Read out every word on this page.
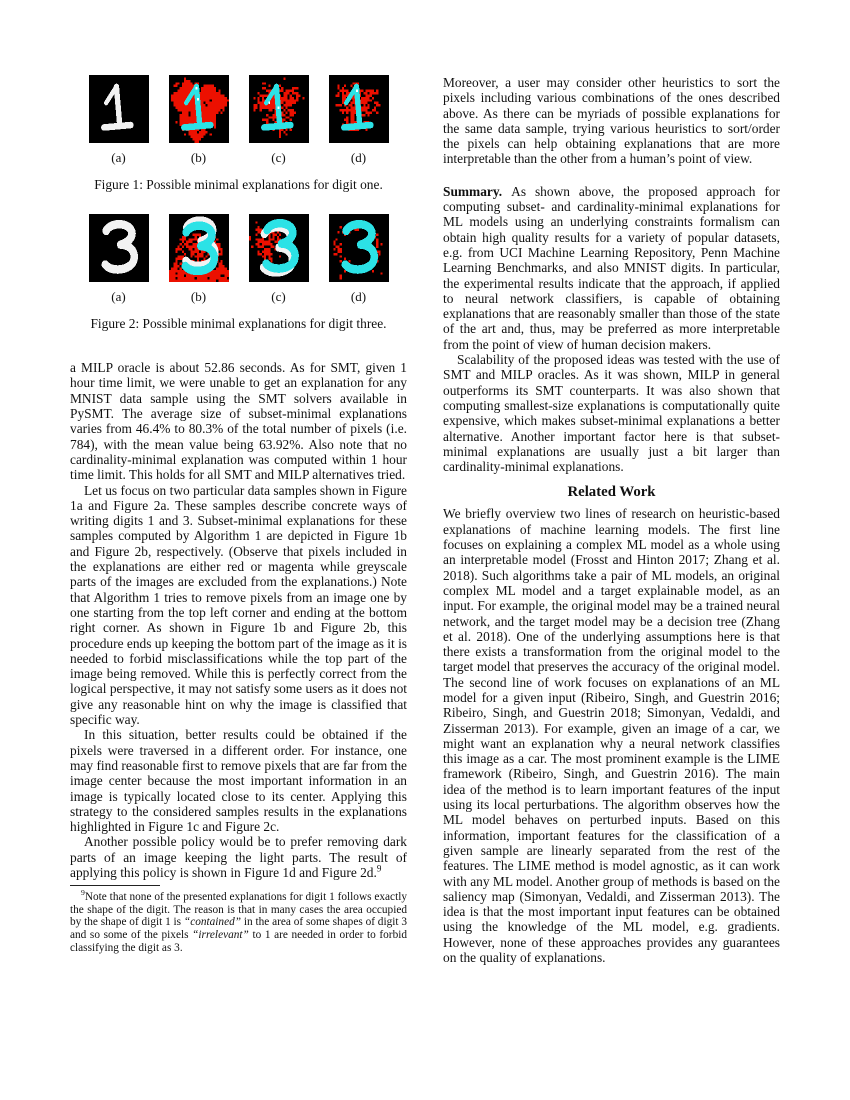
(a)	(b)	(c)	(d)
Figure 1: Possible minimal explanations for digit one.
(a)	(b)	(c)	(d)
Figure 2: Possible minimal explanations for digit three.

a MILP oracle is about 52.86 seconds. As for SMT, given 1 hour time limit, we were unable to get an explanation for any MNIST data sample using the SMT solvers available in PySMT. The average size of subset-minimal explanations varies from 46.4% to 80.3% of the total number of pixels (i.e. 784), with the mean value being 63.92%. Also note that no cardinality-minimal explanation was computed within 1 hour time limit. This holds for all SMT and MILP alternatives tried.

Let us focus on two particular data samples shown in Figure 1a and Figure 2a. These samples describe concrete ways of writing digits 1 and 3. Subset-minimal explanations for these samples computed by Algorithm 1 are depicted in Figure 1b and Figure 2b, respectively. (Observe that pixels included in the explanations are either red or magenta while greyscale parts of the images are excluded from the explanations.) Note that Algorithm 1 tries to remove pixels from an image one by one starting from the top left corner and ending at the bottom right corner. As shown in Figure 1b and Figure 2b, this procedure ends up keeping the bottom part of the image as it is needed to forbid misclassifications while the top part of the image being removed. While this is perfectly correct from the logical perspective, it may not satisfy some users as it does not give any reasonable hint on why the image is classified that specific way.

In this situation, better results could be obtained if the pixels were traversed in a different order. For instance, one may find reasonable first to remove pixels that are far from the image center because the most important information in an image is typically located close to its center. Applying this strategy to the considered samples results in the explanations highlighted in Figure 1c and Figure 2c.

Another possible policy would be to prefer removing dark parts of an image keeping the light parts. The result of applying this policy is shown in Figure 1d and Figure 2d.$^9$

$^9$Note that none of the presented explanations for digit 1 follows exactly the shape of the digit. The reason is that in many cases the area occupied by the shape of digit 1 is “contained” in the area of some shapes of digit 3 and so some of the pixels “irrelevant” to 1 are needed in order to forbid classifying the digit as 3.

Moreover, a user may consider other heuristics to sort the pixels including various combinations of the ones described above. As there can be myriads of possible explanations for the same data sample, trying various heuristics to sort/order the pixels can help obtaining explanations that are more interpretable than the other from a human’s point of view.

Summary. As shown above, the proposed approach for computing subset- and cardinality-minimal explanations for ML models using an underlying constraints formalism can obtain high quality results for a variety of popular datasets, e.g. from UCI Machine Learning Repository, Penn Machine Learning Benchmarks, and also MNIST digits. In particular, the experimental results indicate that the approach, if applied to neural network classifiers, is capable of obtaining explanations that are reasonably smaller than those of the state of the art and, thus, may be preferred as more interpretable from the point of view of human decision makers.

Scalability of the proposed ideas was tested with the use of SMT and MILP oracles. As it was shown, MILP in general outperforms its SMT counterparts. It was also shown that computing smallest-size explanations is computationally quite expensive, which makes subset-minimal explanations a better alternative. Another important factor here is that subset-minimal explanations are usually just a bit larger than cardinality-minimal explanations.

Related Work

We briefly overview two lines of research on heuristic-based explanations of machine learning models. The first line focuses on explaining a complex ML model as a whole using an interpretable model (Frosst and Hinton 2017; Zhang et al. 2018). Such algorithms take a pair of ML models, an original complex ML model and a target explainable model, as an input. For example, the original model may be a trained neural network, and the target model may be a decision tree (Zhang et al. 2018). One of the underlying assumptions here is that there exists a transformation from the original model to the target model that preserves the accuracy of the original model. The second line of work focuses on explanations of an ML model for a given input (Ribeiro, Singh, and Guestrin 2016; Ribeiro, Singh, and Guestrin 2018; Simonyan, Vedaldi, and Zisserman 2013). For example, given an image of a car, we might want an explanation why a neural network classifies this image as a car. The most prominent example is the LIME framework (Ribeiro, Singh, and Guestrin 2016). The main idea of the method is to learn important features of the input using its local perturbations. The algorithm observes how the ML model behaves on perturbed inputs. Based on this information, important features for the classification of a given sample are linearly separated from the rest of the features. The LIME method is model agnostic, as it can work with any ML model. Another group of methods is based on the saliency map (Simonyan, Vedaldi, and Zisserman 2013). The idea is that the most important input features can be obtained using the knowledge of the ML model, e.g. gradients. However, none of these approaches provides any guarantees on the quality of explanations.
